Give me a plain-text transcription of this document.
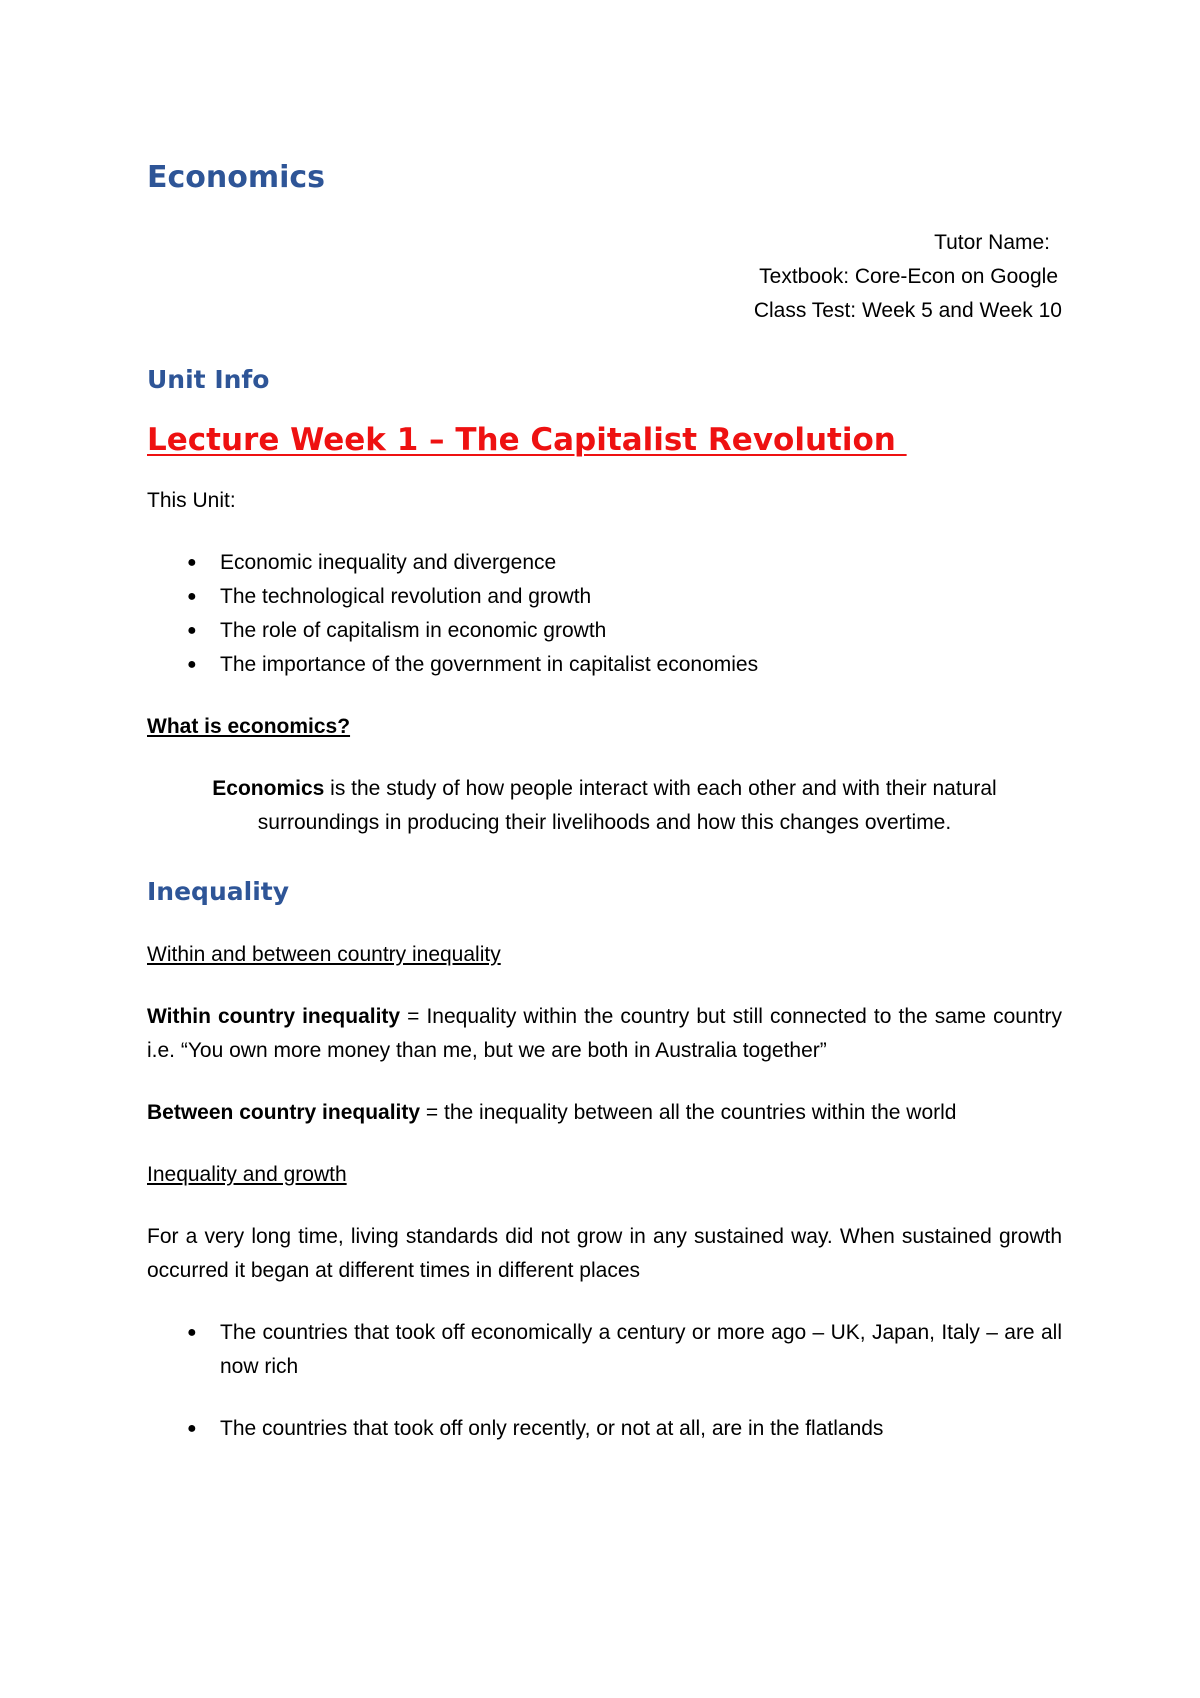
Economics
Tutor Name:
Textbook: Core-Econ on Google
Class Test: Week 5 and Week 10
Unit Info
Lecture Week 1 – The Capitalist Revolution

This Unit:

● Economic inequality and divergence
● The technological revolution and growth
● The role of capitalism in economic growth
● The importance of the government in capitalist economies

What is economics?

Economics is the study of how people interact with each other and with their natural
surroundings in producing their livelihoods and how this changes overtime.

Inequality

Within and between country inequality

Within country inequality = Inequality within the country but still connected to the same country i.e. “You own more money than me, but we are both in Australia together”

Between country inequality = the inequality between all the countries within the world

Inequality and growth

For a very long time, living standards did not grow in any sustained way. When sustained growth occurred it began at different times in different places

● The countries that took off economically a century or more ago – UK, Japan, Italy – are all now rich
● The countries that took off only recently, or not at all, are in the flatlands
